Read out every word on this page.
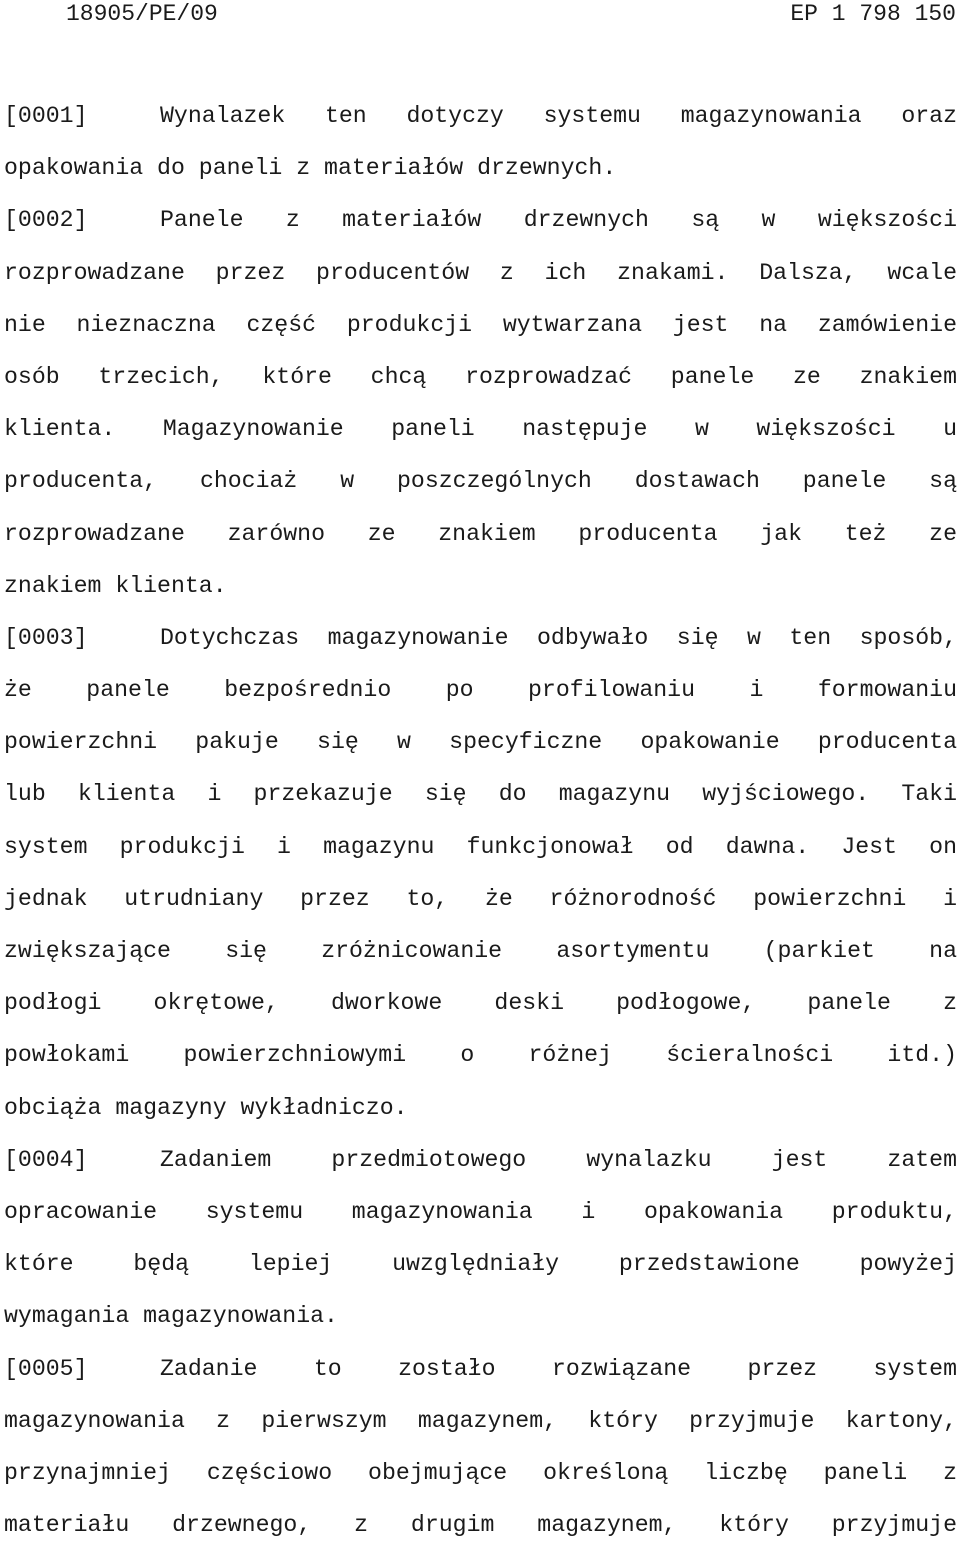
18905/PE/09	EP 1 798 150
[0001]	Wynalazek ten dotyczy systemu magazynowania oraz
opakowania do paneli z materiałów drzewnych.
[0002]	Panele z materiałów drzewnych są w większości
rozprowadzane przez producentów z ich znakami. Dalsza, wcale
nie nieznaczna część produkcji wytwarzana jest na zamówienie
osób trzecich, które chcą rozprowadzać panele ze znakiem
klienta. Magazynowanie paneli następuje w większości u
producenta, chociaż w poszczególnych dostawach panele są
rozprowadzane zarówno ze znakiem producenta jak też ze
znakiem klienta.
[0003]	Dotychczas magazynowanie odbywało się w ten sposób,
że panele bezpośrednio po profilowaniu i formowaniu
powierzchni pakuje się w specyficzne opakowanie producenta
lub klienta i przekazuje się do magazynu wyjściowego. Taki
system produkcji i magazynu funkcjonował od dawna. Jest on
jednak utrudniany przez to, że różnorodność powierzchni i
zwiększające się zróżnicowanie asortymentu (parkiet na
podłogi okrętowe, dworkowe deski podłogowe, panele z
powłokami powierzchniowymi o różnej ścieralności itd.)
obciąża magazyny wykładniczo.
[0004]	Zadaniem przedmiotowego wynalazku jest zatem
opracowanie systemu magazynowania i opakowania produktu,
które będą lepiej uwzględniały przedstawione powyżej
wymagania magazynowania.
[0005]	Zadanie to zostało rozwiązane przez system
magazynowania z pierwszym magazynem, który przyjmuje kartony,
przynajmniej częściowo obejmujące określoną liczbę paneli z
materiału drzewnego, z drugim magazynem, który przyjmuje
